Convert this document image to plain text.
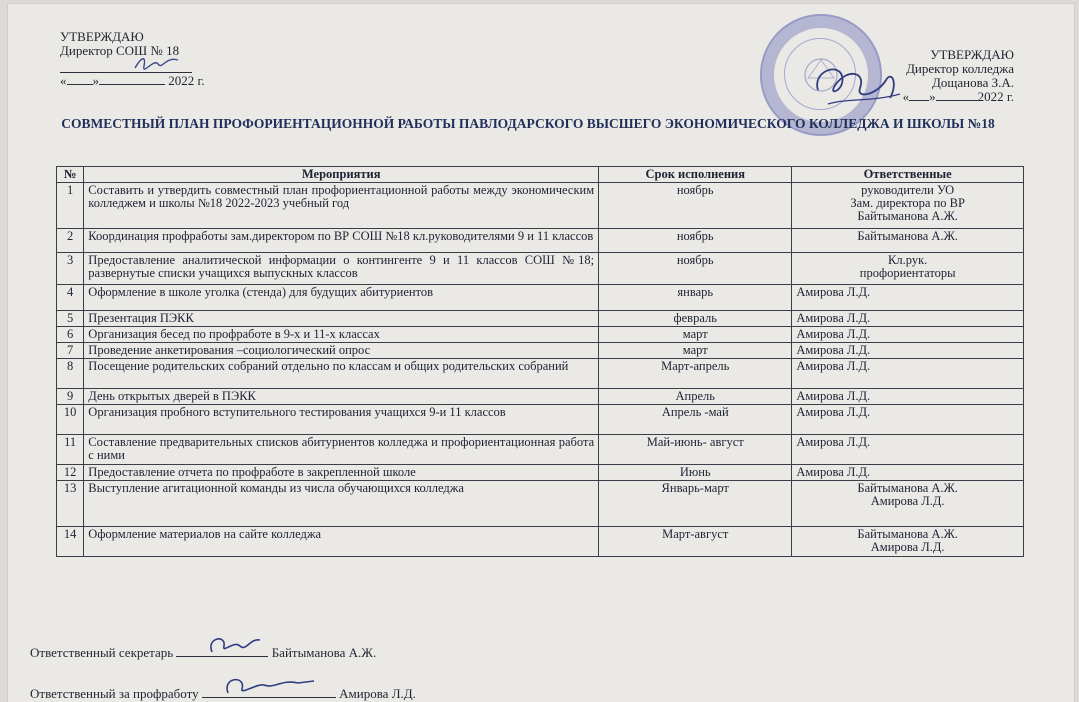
УТВЕРЖДАЮ
Директор СОШ № 18
« »	2022 г.
УТВЕРЖДАЮ
Директор колледжа
Дощанова З.А.
« »	2022 г.
СОВМЕСТНЫЙ ПЛАН ПРОФОРИЕНТАЦИОННОЙ РАБОТЫ ПАВЛОДАРСКОГО ВЫСШЕГО ЭКОНОМИЧЕСКОГО КОЛЛЕДЖА И ШКОЛЫ №18
№	Мероприятия	Срок исполнения	Ответственные
1	Составить и утвердить совместный план профориентационной работы между экономическим колледжем и школы №18 2022-2023 учебный год	ноябрь	руководители УО
Зам. директора по ВР
Байтыманова А.Ж.
2	Координация профработы зам.директором по ВР СОШ №18 кл.руководителями 9 и 11 классов	ноябрь	Байтыманова А.Ж.
3	Предоставление аналитической информации о контингенте 9 и 11 классов СОШ №18; развернутые списки учащихся выпускных классов	ноябрь	Кл.рук.
профориентаторы
4	Оформление в школе уголка (стенда) для будущих абитуриентов	январь	Амирова Л.Д.
5	Презентация ПЭКК	февраль	Амирова Л.Д.
6	Организация бесед по профработе в 9-х и 11-х классах	март	Амирова Л.Д.
7	Проведение анкетирования –социологический опрос	март	Амирова Л.Д.
8	Посещение родительских собраний отдельно по классам и общих родительских собраний	Март-апрель	Амирова Л.Д.
9	День открытых дверей в ПЭКК	Апрель	Амирова Л.Д.
10	Организация пробного вступительного тестирования учащихся 9-и 11 классов	Апрель -май	Амирова Л.Д.
11	Составление предварительных списков абитуриентов колледжа и профориентационная работа с ними	Май-июнь- август	Амирова Л.Д.
12	Предоставление отчета по профработе в закрепленной школе	Июнь	Амирова Л.Д.
13	Выступление агитационной команды из числа обучающихся колледжа	Январь-март	Байтыманова А.Ж.
Амирова Л.Д.
14	Оформление материалов на сайте колледжа	Март-август	Байтыманова А.Ж.
Амирова Л.Д.
Ответственный секретарь	Байтыманова А.Ж.
Ответственный за профработу	Амирова Л.Д.
